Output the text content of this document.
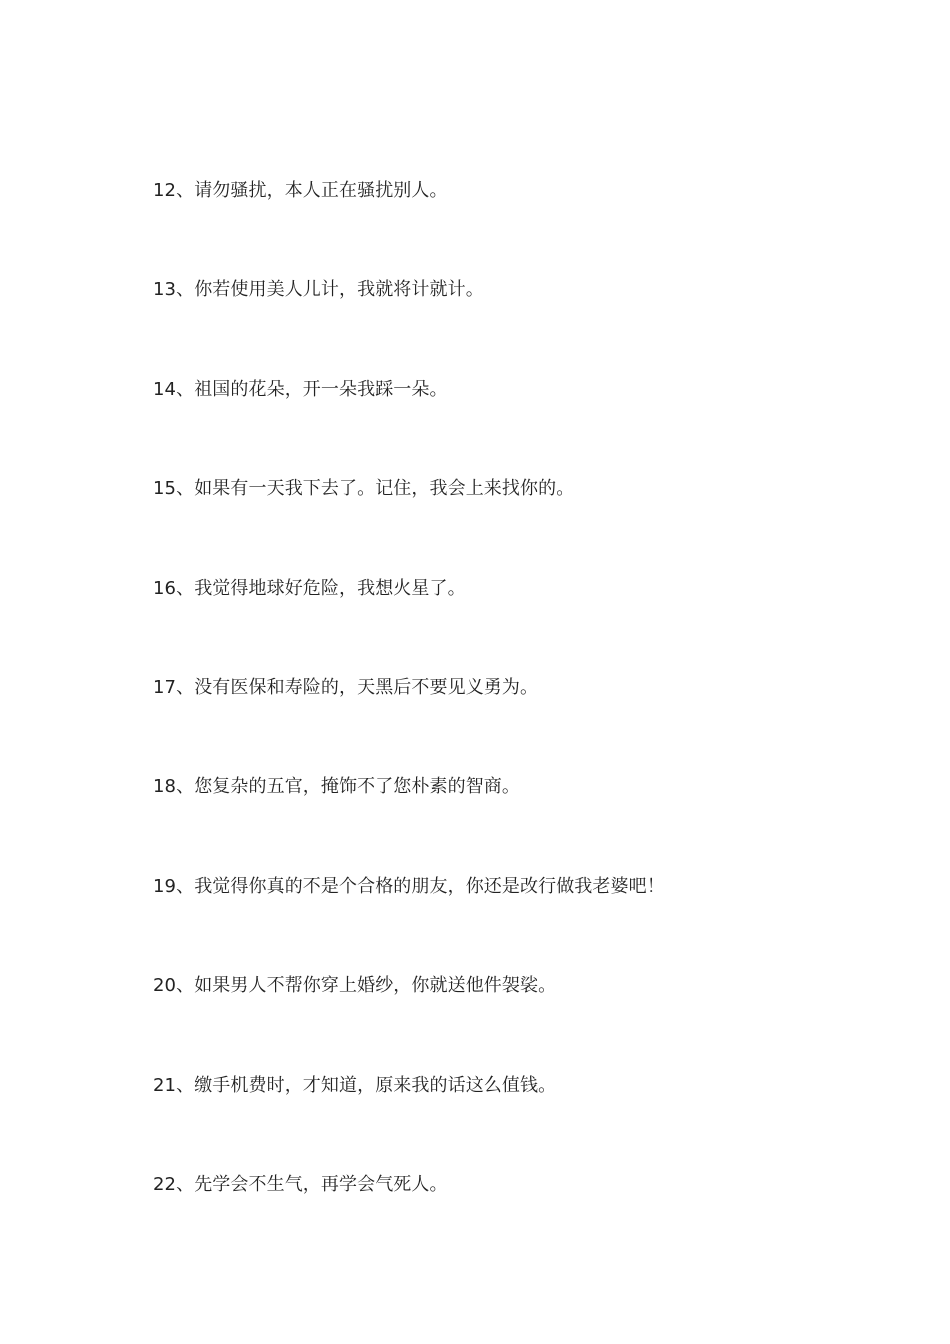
12、请勿骚扰，本人正在骚扰别人。
13、你若使用美人儿计，我就将计就计。
14、祖国的花朵，开一朵我踩一朵。
15、如果有一天我下去了。记住，我会上来找你的。
16、我觉得地球好危险，我想火星了。
17、没有医保和寿险的，天黑后不要见义勇为。
18、您复杂的五官，掩饰不了您朴素的智商。
19、我觉得你真的不是个合格的朋友，你还是改行做我老婆吧！
20、如果男人不帮你穿上婚纱，你就送他件袈裟。
21、缴手机费时，才知道，原来我的话这么值钱。
22、先学会不生气，再学会气死人。
